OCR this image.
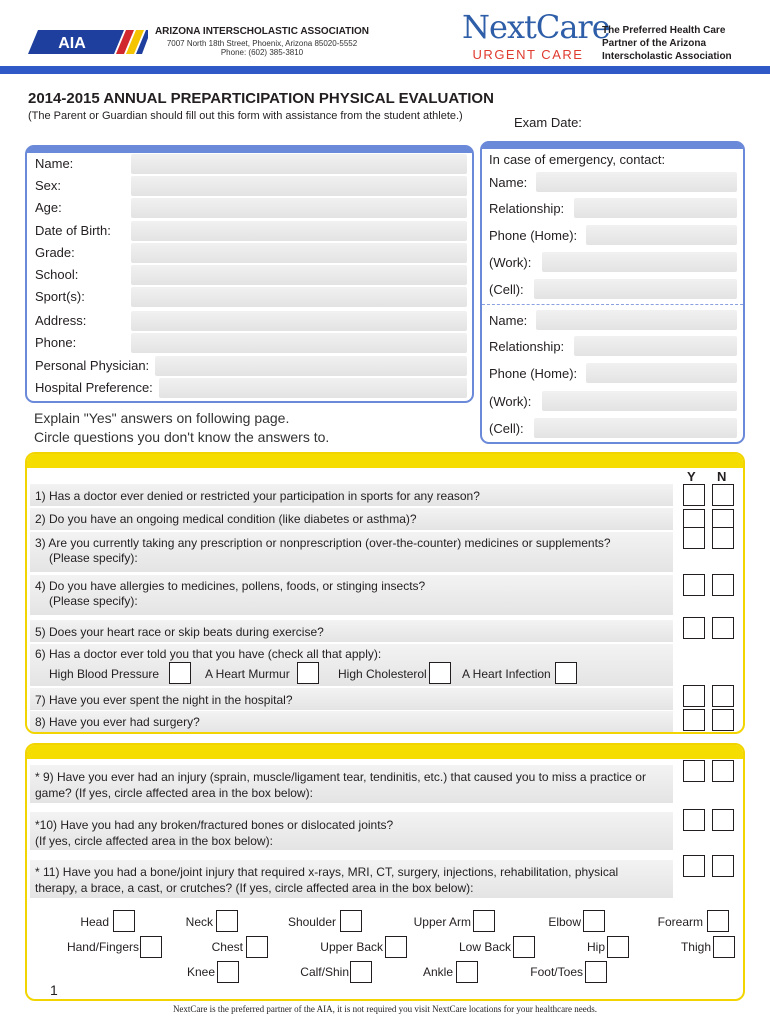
AIA
ARIZONA INTERSCHOLASTIC ASSOCIATION
7007 North 18th Street, Phoenix, Arizona 85020-5552
Phone: (602) 385-3810
NextCare
URGENT CARE
The Preferred Health Care
Partner of the Arizona
Interscholastic Association
2014-2015 ANNUAL PREPARTICIPATION PHYSICAL EVALUATION
(The Parent or Guardian should fill out this form with assistance from the student athlete.)	Exam Date:
Name:
Sex:
Age:
Date of Birth:
Grade:
School:
Sport(s):
Address:
Phone:
Personal Physician:
Hospital Preference:
Explain "Yes" answers on following page.
Circle questions you don't know the answers to.
In case of emergency, contact:
Name:
Relationship:
Phone (Home):
(Work):
(Cell):
Name:
Relationship:
Phone (Home):
(Work):
(Cell):
Y N
1) Has a doctor ever denied or restricted your participation in sports for any reason?
2) Do you have an ongoing medical condition (like diabetes or asthma)?
3) Are you currently taking any prescription or nonprescription (over-the-counter) medicines or supplements?
(Please specify):
4) Do you have allergies to medicines, pollens, foods, or stinging insects?
(Please specify):
5) Does your heart race or skip beats during exercise?
6) Has a doctor ever told you that you have (check all that apply):
High Blood Pressure	A Heart Murmur	High Cholesterol	A Heart Infection
7) Have you ever spent the night in the hospital?
8) Have you ever had surgery?
* 9) Have you ever had an injury (sprain, muscle/ligament tear, tendinitis, etc.) that caused you to miss a practice or
game? (If yes, circle affected area in the box below):
*10) Have you had any broken/fractured bones or dislocated joints?
(If yes, circle affected area in the box below):
* 11) Have you had a bone/joint injury that required x-rays, MRI, CT, surgery, injections, rehabilitation, physical
therapy, a brace, a cast, or crutches? (If yes, circle affected area in the box below):
Head	Neck	Shoulder	Upper Arm	Elbow	Forearm
Hand/Fingers	Chest	Upper Back	Low Back	Hip	Thigh
Knee	Calf/Shin	Ankle	Foot/Toes
1
NextCare is the preferred partner of the AIA, it is not required you visit NextCare locations for your healthcare needs.
